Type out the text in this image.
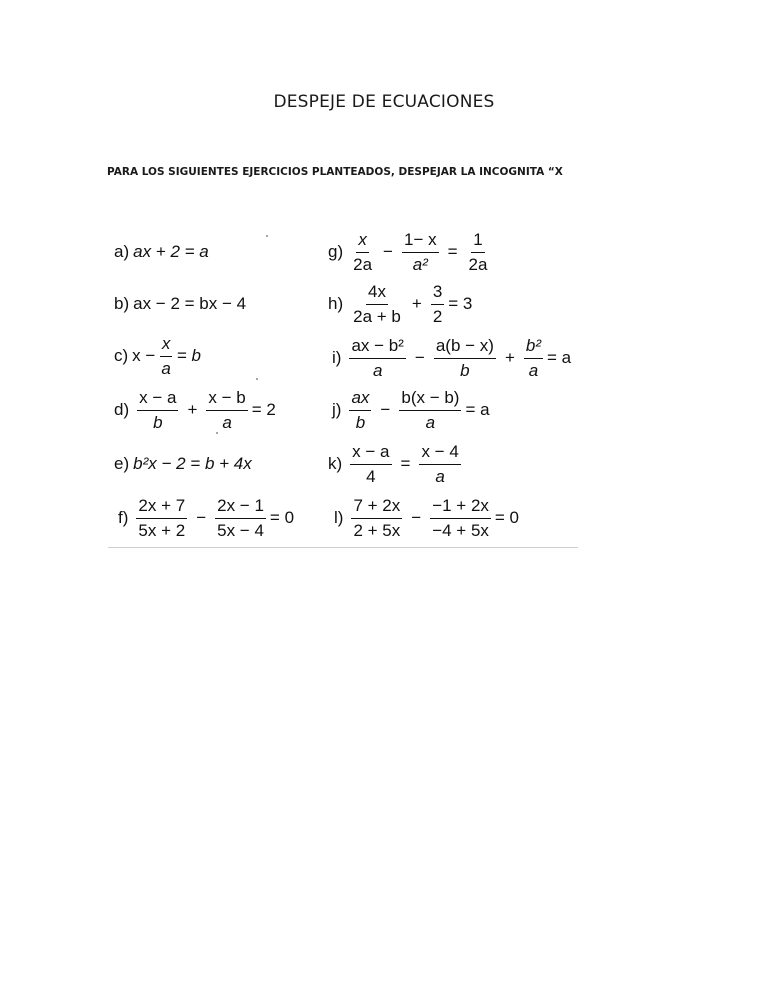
DESPEJE DE ECUACIONES
PARA LOS SIGUIENTES EJERCICIOS PLANTEADOS, DESPEJAR LA INCOGNITA “X
a) ax + 2 = a
b) ax − 2 = bx − 4
c) $x - \frac{x}{a} = b$
$d) \frac{x - a}{b} + \frac{x - b}{a} = 2$
e) b²x − 2 = b + 4x
$f) \frac{2x + 7}{5x + 2} - \frac{2x - 1}{5x - 4} = 0$
$g) \frac{x}{2a} - \frac{1- x}{\text{a²}} = \frac{1}{2a}$
$h) \frac{4x}{2a + b} + \frac{3}{2} = 3$
$i) \frac{\text{ax − b²}}{a} - \frac{a(b - x)}{b} + \frac{\text{b²}}{a} = a$
$j) \frac{ax}{b} - \frac{b(x - b)}{a} = a$
$k) \frac{x - a}{4} = \frac{x - 4}{a}$
$l) \frac{7 + 2x}{2 + 5x} - \frac{-1 + 2x}{-4 + 5x} = 0$
